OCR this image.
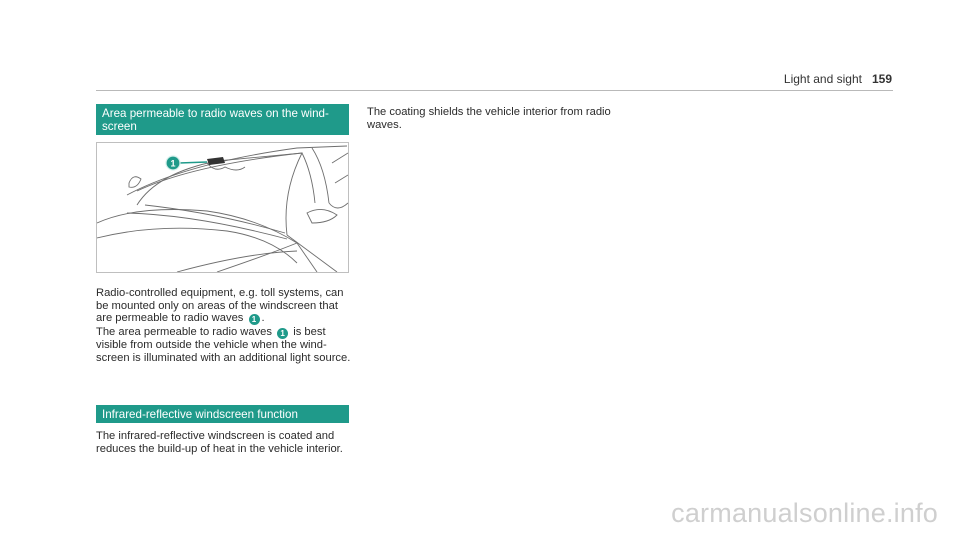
Light and sight 159
Area permeable to radio waves on the wind-
screen
1
Radio-controlled equipment, e.g. toll systems, can be mounted only on areas of the windscreen that are permeable to radio waves 1 .
The area permeable to radio waves 1 is best visible from outside the vehicle when the wind-screen is illuminated with an additional light source.
Infrared-reflective windscreen function
The infrared-reflective windscreen is coated and reduces the build-up of heat in the vehicle interior.
The coating shields the vehicle interior from radio waves.
carmanualsonline.info
